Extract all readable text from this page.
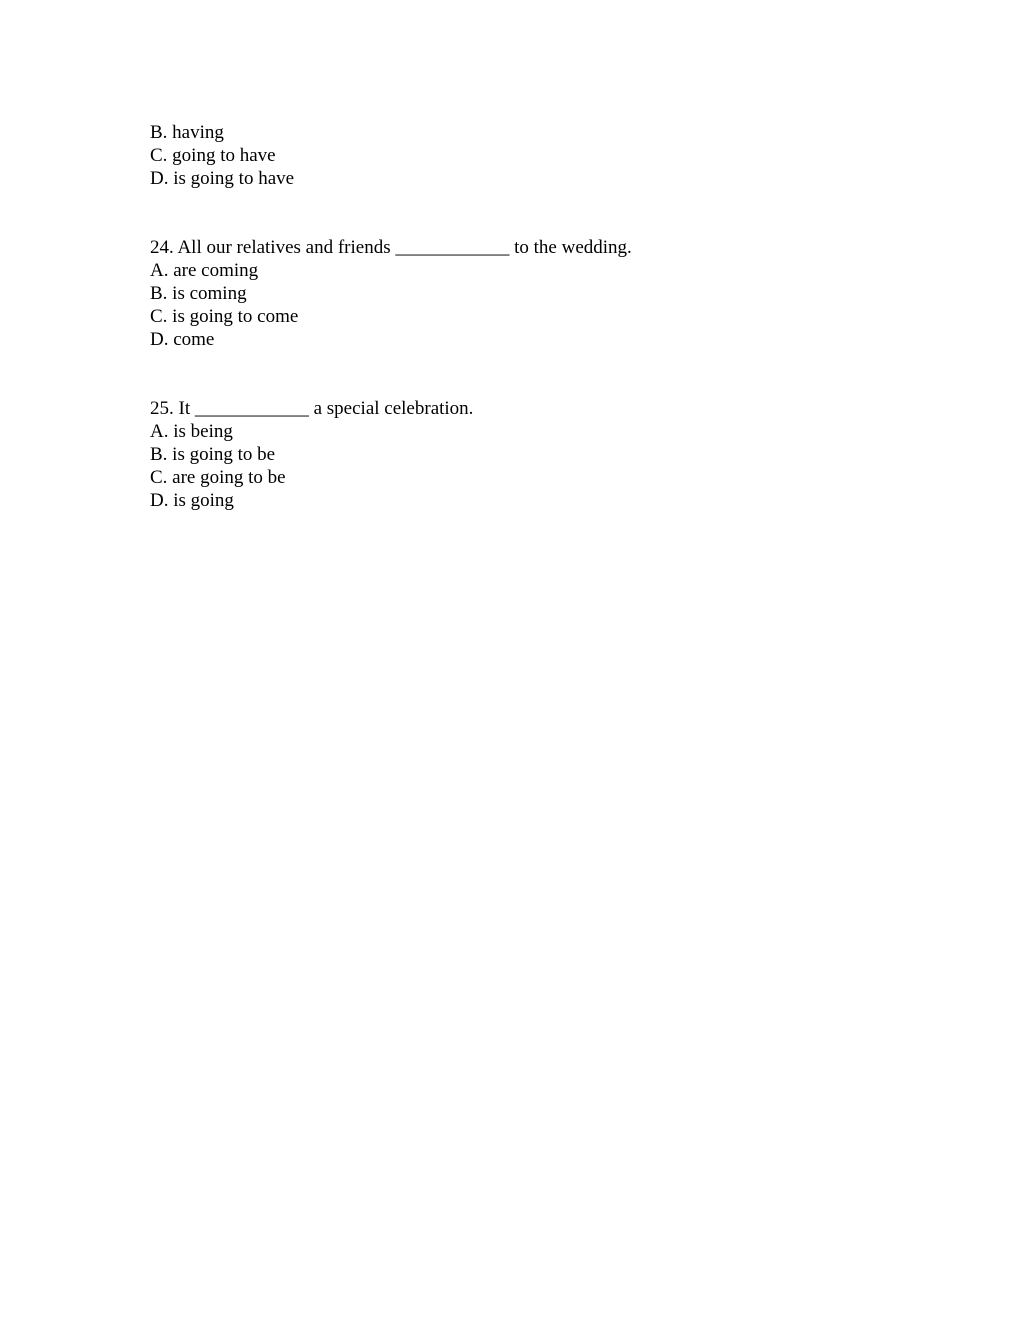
B. having
C. going to have
D. is going to have
24. All our relatives and friends ____________ to the wedding.
A. are coming
B. is coming
C. is going to come
D. come
25. It ____________ a special celebration.
A. is being
B. is going to be
C. are going to be
D. is going
